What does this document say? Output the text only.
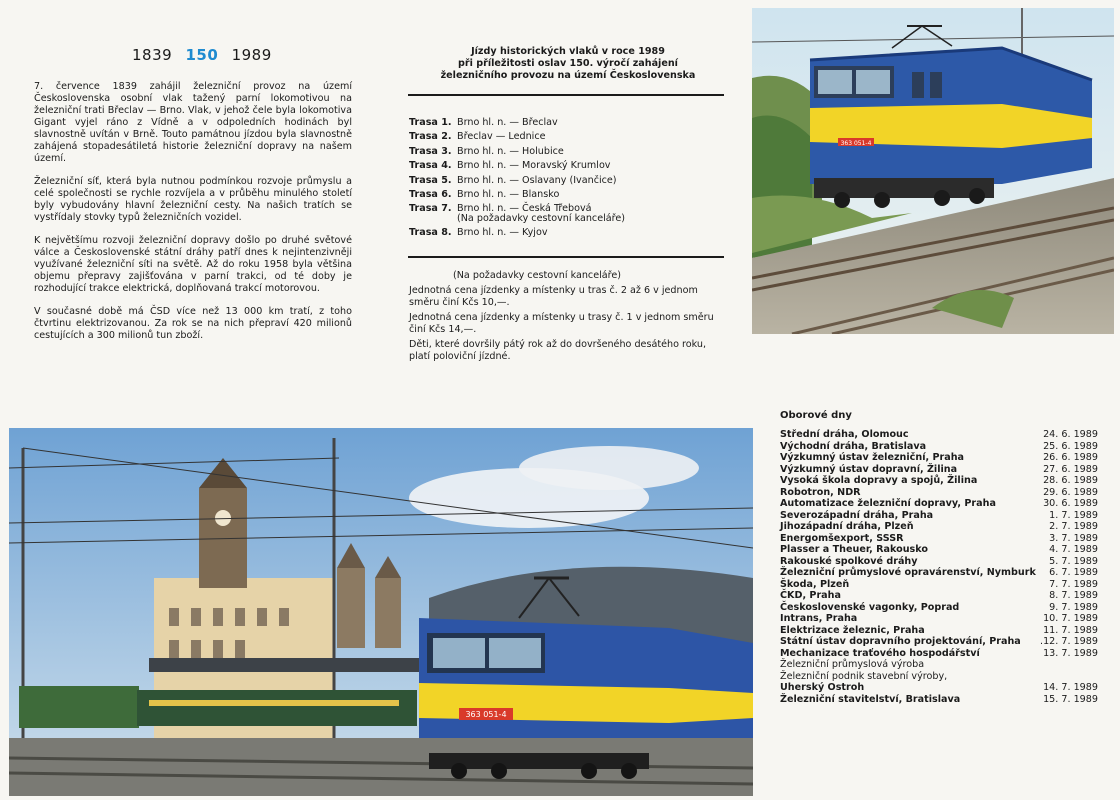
1839 150 1989

7. července 1839 zahájil železniční provoz na území Československa osobní vlak tažený parní lokomotivou na železniční trati Břeclav — Brno. Vlak, v jehož čele byla lokomotiva Gigant vyjel ráno z Vídně a v odpoledních hodinách byl slavnostně uvítán v Brně. Touto památnou jízdou byla slavnostně zahájená stopadesátiletá historie železniční dopravy na našem území.

Železniční síť, která byla nutnou podmínkou rozvoje průmyslu a celé společnosti se rychle rozvíjela a v průběhu minulého století byly vybudovány hlavní železniční cesty. Na našich tratích se vystřídaly stovky typů železničních vozidel.

K největšímu rozvoji železniční dopravy došlo po druhé světové válce a Československé státní dráhy patří dnes k nejintenzivněji využívané železniční síti na světě. Až do roku 1958 byla většina objemu přepravy zajišťována v parní trakci, od té doby je rozhodující trakce elektrická, doplňovaná trakcí motorovou.

V současné době má ČSD více než 13 000 km tratí, z toho čtvrtinu elektrizovanou. Za rok se na nich přepraví 420 milionů cestujících a 300 milionů tun zboží.

Jízdy historických vlaků v roce 1989
při příležitosti oslav 150. výročí zahájení
železničního provozu na území Československa
Trasa 1. Brno hl. n. — Břeclav
Trasa 2. Břeclav — Lednice
Trasa 3. Brno hl. n. — Holubice
Trasa 4. Brno hl. n. — Moravský Krumlov
Trasa 5. Brno hl. n. — Oslavany (Ivančice)
Trasa 6. Brno hl. n. — Blansko
Trasa 7. Brno hl. n. — Česká Třebová
(Na požadavky cestovní kanceláře)
Trasa 8. Brno hl. n. — Kyjov

(Na požadavky cestovní kanceláře)

Jednotná cena jízdenky a místenky u tras č. 2 až 6 v jednom směru činí Kčs 10,—.

Jednotná cena jízdenky a místenky u trasy č. 1 v jednom směru činí Kčs 14,—.

Děti, které dovršily pátý rok až do dovršeného desátého roku, platí poloviční jízdné.

363 051-4
363 051-4
Oborové dny
Střední dráha, Olomouc	24. 6. 1989
Východní dráha, Bratislava	25. 6. 1989
Výzkumný ústav železniční, Praha	26. 6. 1989
Výzkumný ústav dopravní, Žilina	27. 6. 1989
Vysoká škola dopravy a spojů, Žilina	28. 6. 1989
Robotron, NDR	29. 6. 1989
Automatizace železniční dopravy, Praha	30. 6. 1989
Severozápadní dráha, Praha	1. 7. 1989
Jihozápadní dráha, Plzeň	2. 7. 1989
Energomšexport, SSSR	3. 7. 1989
Plasser a Theuer, Rakousko	4. 7. 1989
Rakouské spolkové dráhy	5. 7. 1989
Železniční průmyslové opravárenství, Nymburk 6. 7. 1989
Škoda, Plzeň	7. 7. 1989
ČKD, Praha	8. 7. 1989
Československé vagonky, Poprad	9. 7. 1989
Intrans, Praha	10. 7. 1989
Elektrizace železnic, Praha	11. 7. 1989
Státní ústav dopravního projektování, Praha .12. 7. 1989
Mechanizace traťového hospodářství	13. 7. 1989
Železniční průmyslová výroba
Železniční podnik stavební výroby,
Uherský Ostroh	14. 7. 1989
Železniční stavitelství, Bratislava	15. 7. 1989
